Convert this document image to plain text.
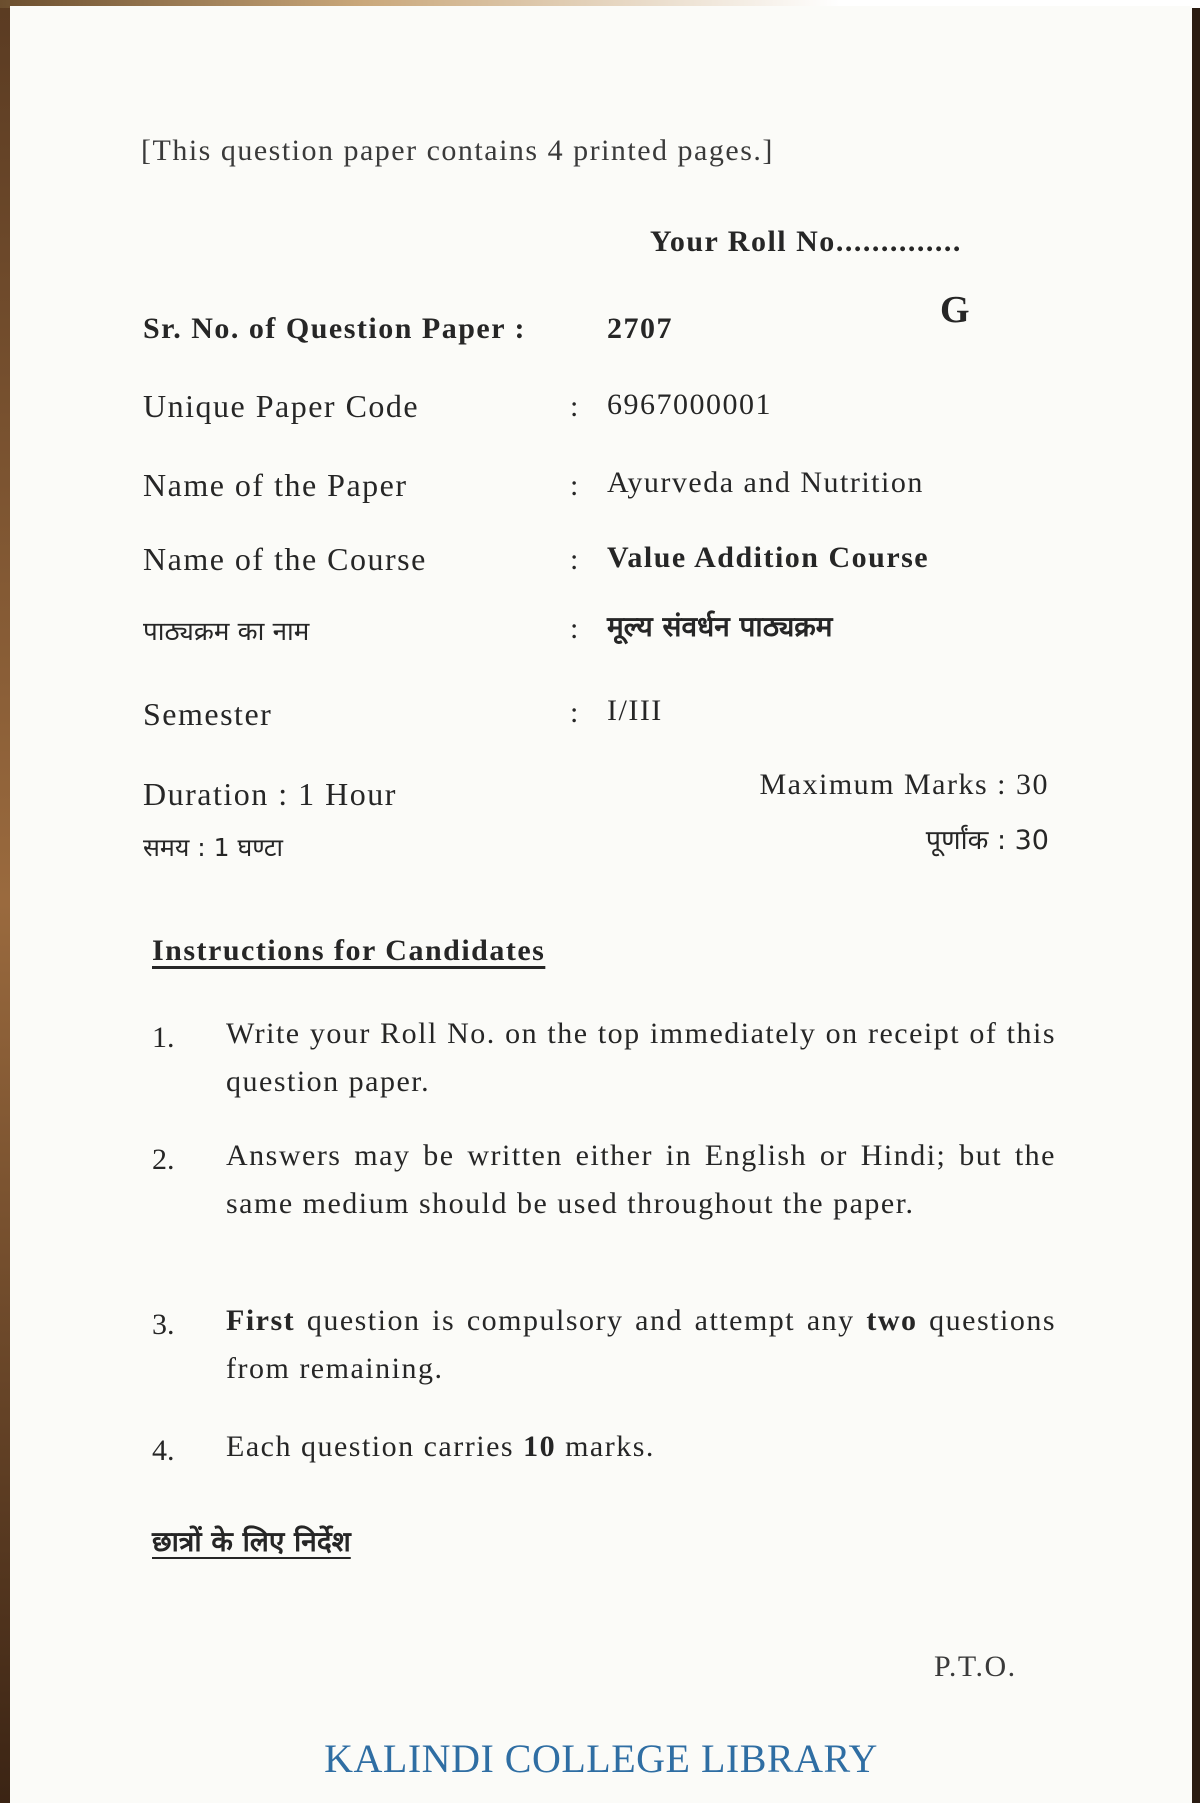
[This question paper contains 4 printed pages.]
Your Roll No..............
G
Sr. No. of Question Paper :	2707
Unique Paper Code	: 6967000001
Name of the Paper	: Ayurveda and Nutrition
Name of the Course	: Value Addition Course
पाठ्यक्रम का नाम	: मूल्य संवर्धन पाठ्यक्रम
Semester	: I/III
Duration : 1 Hour
समय : 1 घण्टा
Maximum Marks : 30
पूर्णांक : 30
Instructions for Candidates
1. Write your Roll No. on the top immediately on receipt of this question paper.
2. Answers may be written either in English or Hindi; but the same medium should be used throughout the paper.
3. First question is compulsory and attempt any two questions from remaining.
4. Each question carries 10 marks.
छात्रों के लिए निर्देश
P.T.O.
KALINDI COLLEGE LIBRARY
